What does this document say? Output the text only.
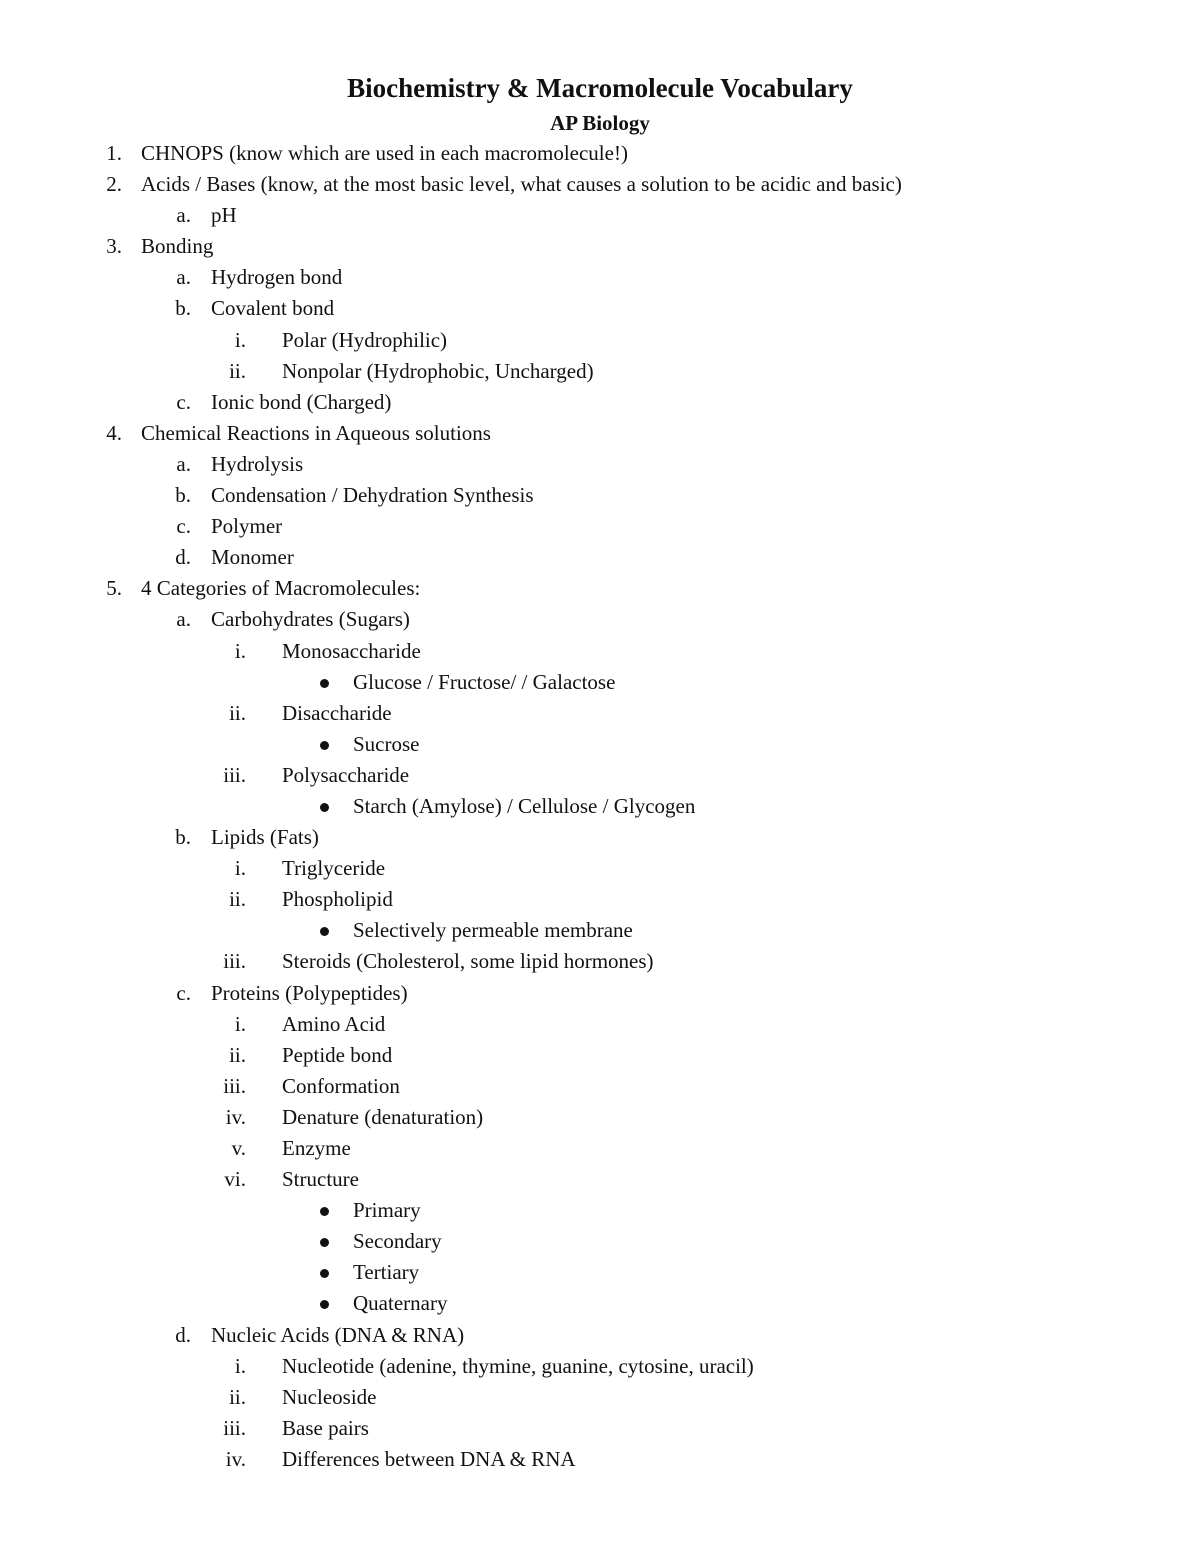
Biochemistry & Macromolecule Vocabulary
AP Biology
1. CHNOPS (know which are used in each macromolecule!)
2. Acids / Bases (know, at the most basic level, what causes a solution to be acidic and basic)
a. pH
3. Bonding
a. Hydrogen bond
b. Covalent bond
i. Polar (Hydrophilic)
ii. Nonpolar (Hydrophobic, Uncharged)
c. Ionic bond (Charged)
4. Chemical Reactions in Aqueous solutions
a. Hydrolysis
b. Condensation / Dehydration Synthesis
c. Polymer
d. Monomer
5. 4 Categories of Macromolecules:
a. Carbohydrates (Sugars)
i. Monosaccharide
Glucose / Fructose/ / Galactose
ii. Disaccharide
Sucrose
iii. Polysaccharide
Starch (Amylose) / Cellulose / Glycogen
b. Lipids (Fats)
i. Triglyceride
ii. Phospholipid
Selectively permeable membrane
iii. Steroids (Cholesterol, some lipid hormones)
c. Proteins (Polypeptides)
i. Amino Acid
ii. Peptide bond
iii. Conformation
iv. Denature (denaturation)
v. Enzyme
vi. Structure
Primary
Secondary
Tertiary
Quaternary
d. Nucleic Acids (DNA & RNA)
i. Nucleotide (adenine, thymine, guanine, cytosine, uracil)
ii. Nucleoside
iii. Base pairs
iv. Differences between DNA & RNA
